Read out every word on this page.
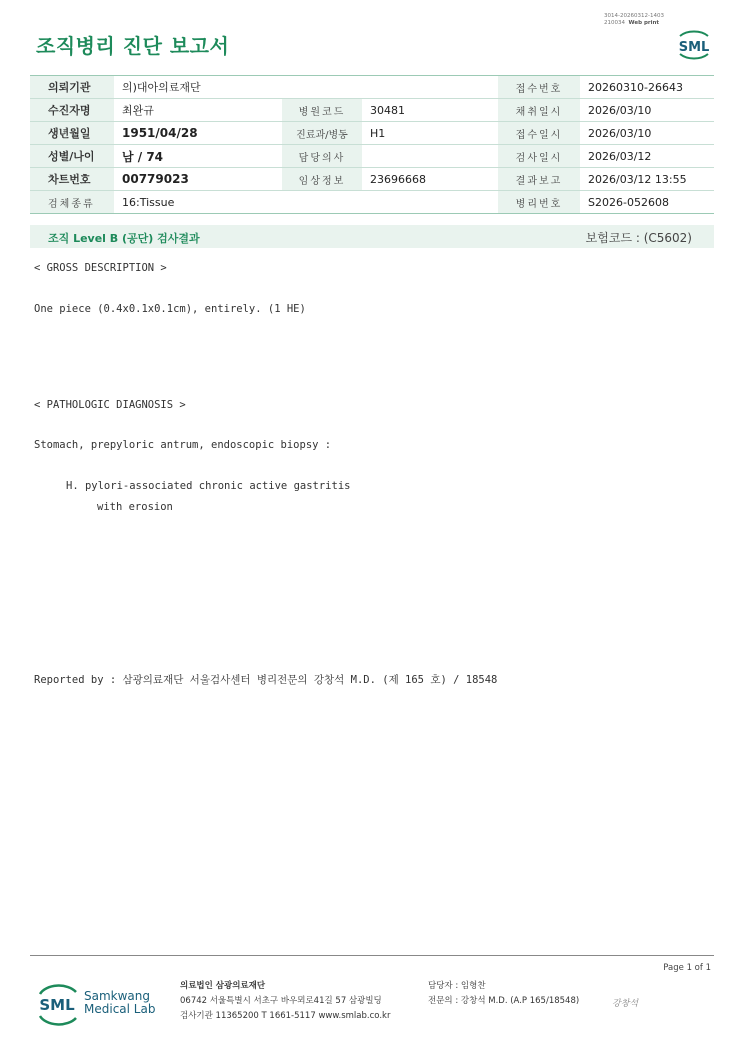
조직병리 진단 보고서
3014-20260312-1403
210034 Web print
SML
의뢰기관	의)대아의료재단			접수번호	20260310-26643
수진자명	최완규	병원코드	30481	채취일시	2026/03/10
생년월일	1951/04/28	진료과/병동	H1	접수일시	2026/03/10
성별/나이	남 / 74	담당의사		검사일시	2026/03/12
차트번호	00779023	임상정보	23696668	결과보고	2026/03/12 13:55
검체종류	16:Tissue			병리번호	S2026-052608
조직 Level B (공단) 검사결과	보험코드 : (C5602)
< GROSS DESCRIPTION >
One piece (0.4x0.1x0.1cm), entirely. (1 HE)
< PATHOLOGIC DIAGNOSIS >
Stomach, prepyloric antrum, endoscopic biopsy :
H. pylori-associated chronic active gastritis
with erosion
Reported by : 삼광의료재단 서울검사센터 병리전문의 강창석 M.D. (제 165 호) / 18548
Page 1 of 1
SML Samkwang
Medical Lab
의료법인 삼광의료재단
06742 서울특별시 서초구 바우뫼로41길 57 삼광빌딩
검사기관 11365200 T 1661-5117 www.smlab.co.kr
담당자 : 임형찬
전문의 : 강창석 M.D. (A.P 165/18548)	강창석
